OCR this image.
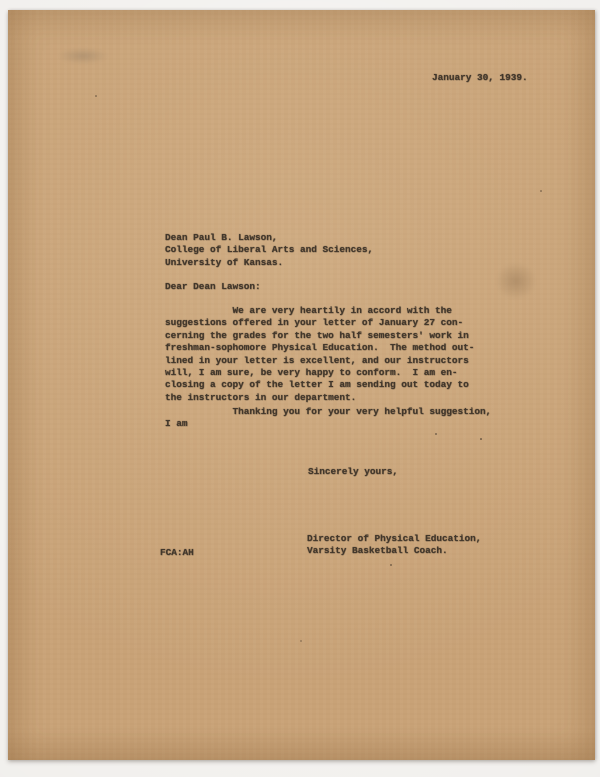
January 30, 1939.
Dean Paul B. Lawson,
College of Liberal Arts and Sciences,
University of Kansas.
Dear Dean Lawson:
We are very heartily in accord with the
suggestions offered in your letter of January 27 con-
cerning the grades for the two half semesters' work in
freshman-sophomore Physical Education.  The method out-
lined in your letter is excellent, and our instructors
will, I am sure, be very happy to conform.  I am en-
closing a copy of the letter I am sending out today to
the instructors in our department.
Thanking you for your very helpful suggestion,
I am
Sincerely yours,
Director of Physical Education,
Varsity Basketball Coach.
FCA:AH
